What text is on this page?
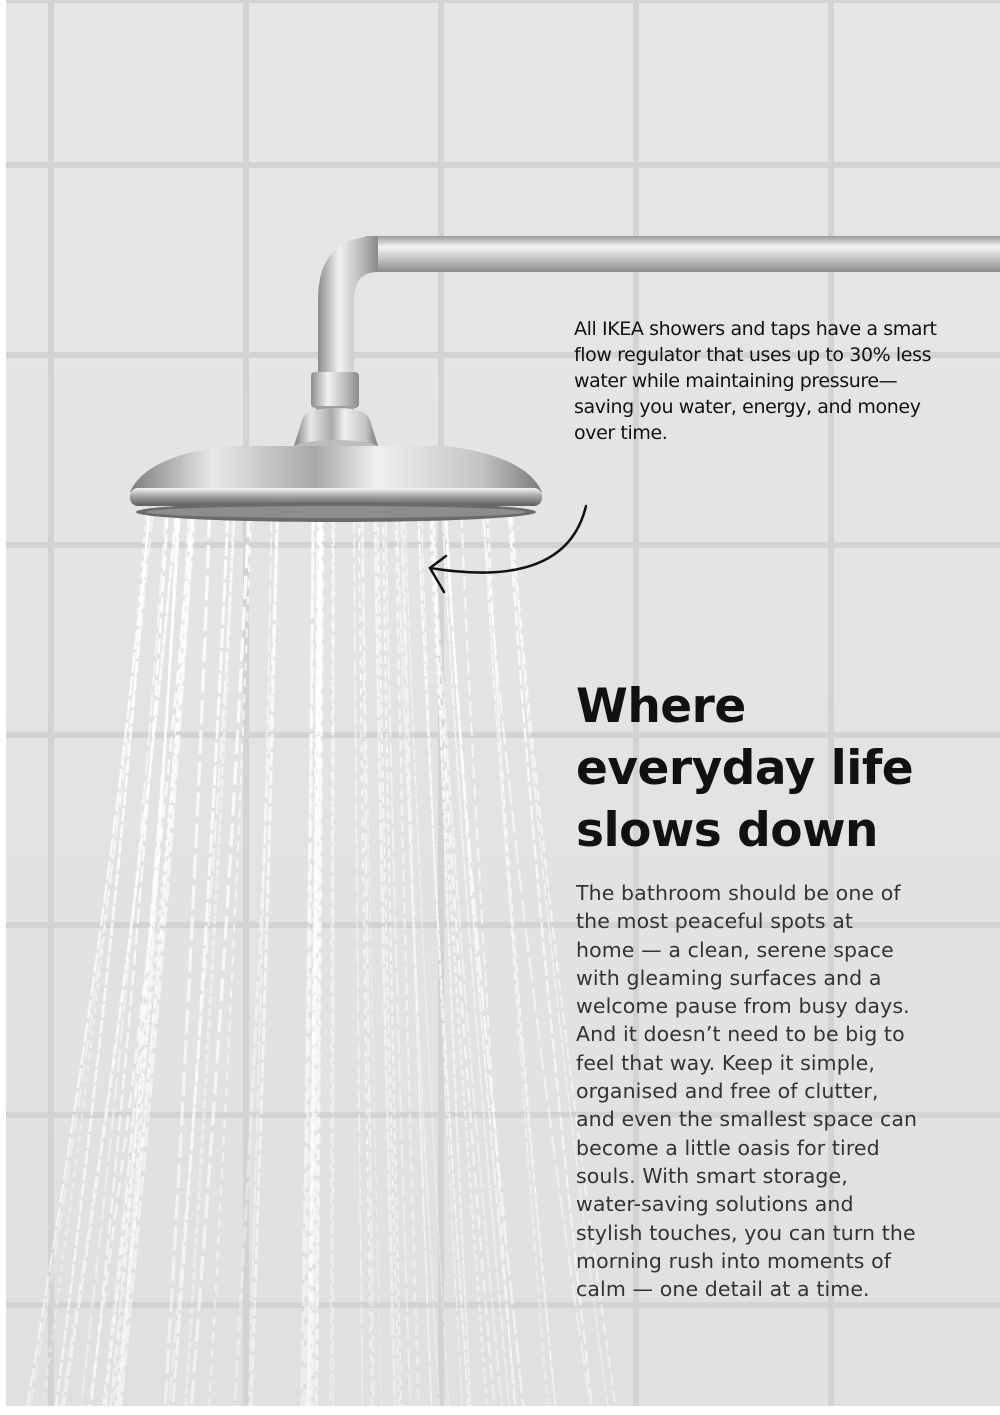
All IKEA showers and taps have a smart flow regulator that uses up to 30% less water while maintaining pressure—saving you water, energy, and money over time.
Where
everyday life
slows down
The bathroom should be one of
the most peaceful spots at
home — a clean, serene space
with gleaming surfaces and a
welcome pause from busy days.
And it doesn’t need to be big to
feel that way. Keep it simple,
organised and free of clutter,
and even the smallest space can
become a little oasis for tired
souls. With smart storage,
water-saving solutions and
stylish touches, you can turn the
morning rush into moments of
calm — one detail at a time.
